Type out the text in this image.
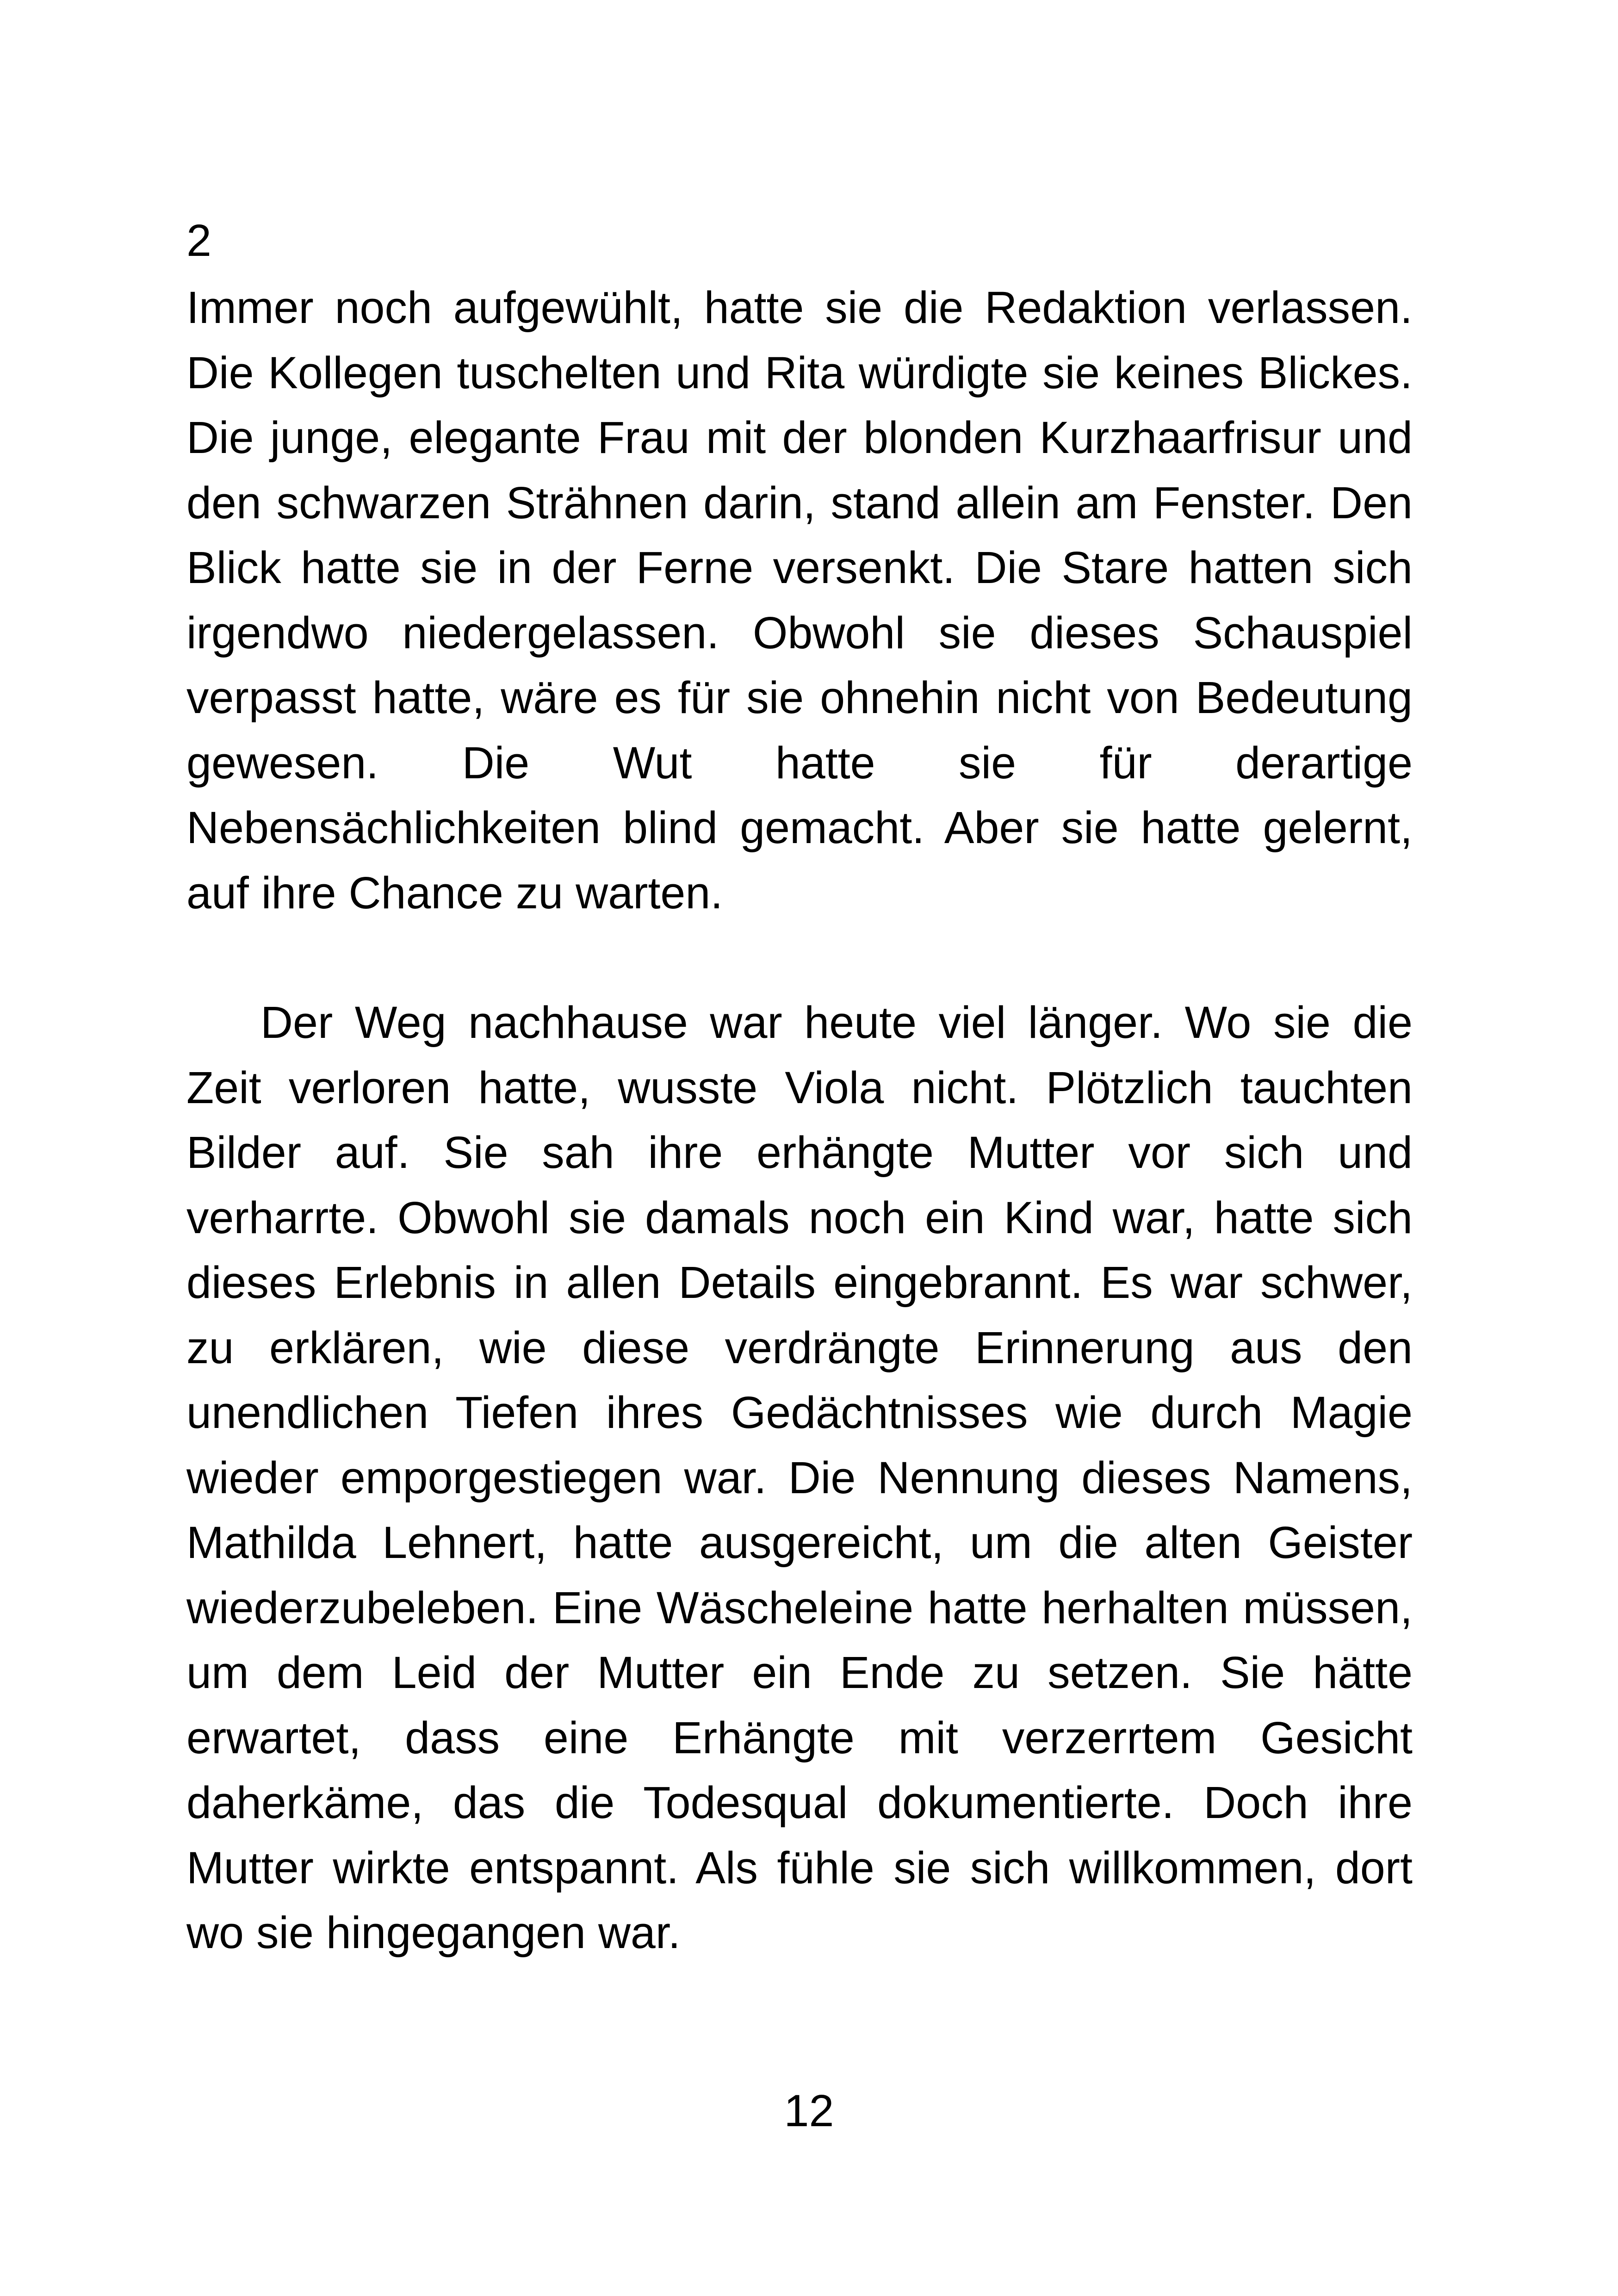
2

Immer noch aufgewühlt, hatte sie die Redaktion verlassen. Die Kollegen tuschelten und Rita würdigte sie keines Blickes. Die junge, elegante Frau mit der blonden Kurzhaarfrisur und den schwarzen Strähnen darin, stand allein am Fenster. Den Blick hatte sie in der Ferne versenkt. Die Stare hatten sich irgendwo niedergelassen. Obwohl sie dieses Schauspiel verpasst hatte, wäre es für sie ohnehin nicht von Bedeutung gewesen. Die Wut hatte sie für derartige Nebensächlichkeiten blind gemacht. Aber sie hatte gelernt, auf ihre Chance zu warten.

Der Weg nachhause war heute viel länger. Wo sie die Zeit verloren hatte, wusste Viola nicht. Plötzlich tauchten Bilder auf. Sie sah ihre erhängte Mutter vor sich und verharrte. Obwohl sie damals noch ein Kind war, hatte sich dieses Erlebnis in allen Details eingebrannt. Es war schwer, zu erklären, wie diese verdrängte Erinnerung aus den unendlichen Tiefen ihres Gedächtnisses wie durch Magie wieder emporgestiegen war. Die Nennung dieses Namens, Mathilda Lehnert, hatte ausgereicht, um die alten Geister wiederzubeleben. Eine Wäscheleine hatte herhalten müssen, um dem Leid der Mutter ein Ende zu setzen. Sie hätte erwartet, dass eine Erhängte mit verzerrtem Gesicht daherkäme, das die Todesqual dokumentierte. Doch ihre Mutter wirkte entspannt. Als fühle sie sich willkommen, dort wo sie hingegangen war.

12
